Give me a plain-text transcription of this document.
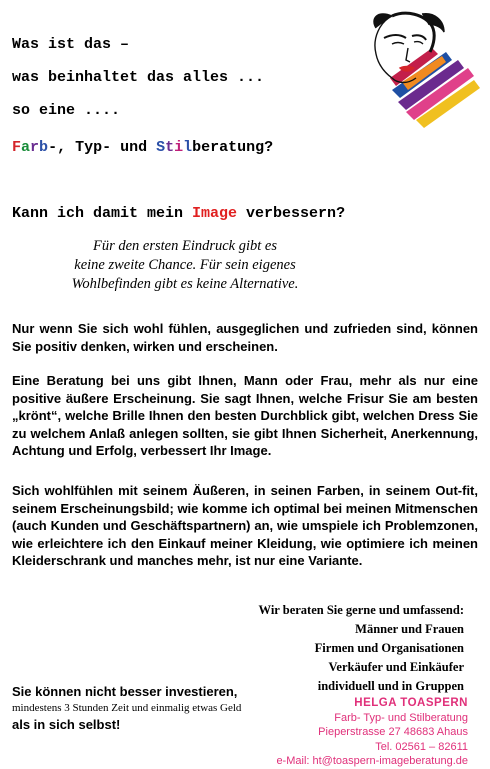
Was ist das –
was beinhaltet das alles ...
so eine ....
Farb-, Typ- und Stilberatung?
Kann ich damit mein Image verbessern?
Für den ersten Eindruck gibt es
keine zweite Chance. Für sein eigenes
Wohlbefinden gibt es keine Alternative.
Nur wenn Sie sich wohl fühlen, ausgeglichen und zufrieden sind, können Sie positiv denken, wirken und erscheinen.
Eine Beratung bei uns gibt Ihnen, Mann oder Frau, mehr als nur eine positive äußere Erscheinung. Sie sagt Ihnen, welche Frisur Sie am besten „krönt“, welche Brille Ihnen den besten Durchblick gibt, welchen Dress Sie zu welchem Anlaß anlegen sollten, sie gibt Ihnen Sicherheit, Anerkennung, Achtung und Erfolg, verbessert Ihr Image.
Sich wohlfühlen mit seinem Äußeren, in seinen Farben, in seinem Out-fit, seinem Erscheinungsbild; wie komme ich optimal bei meinen Mitmenschen (auch Kunden und Geschäftspartnern) an, wie umspiele ich Problemzonen, wie erleichtere ich den Einkauf meiner Kleidung, wie optimiere ich meinen Kleiderschrank und manches mehr, ist nur eine Variante.
Wir beraten Sie gerne und umfassend:
Männer und Frauen
Firmen und Organisationen
Verkäufer und Einkäufer
individuell und in Gruppen
Sie können nicht besser investieren,
mindestens 3 Stunden Zeit und einmalig etwas Geld
als in sich selbst!
HELGA TOASPERN
Farb- Typ- und Stilberatung
Pieperstrasse 27 48683 Ahaus
Tel. 02561 – 82611
e-Mail: ht@toaspern-imageberatung.de
